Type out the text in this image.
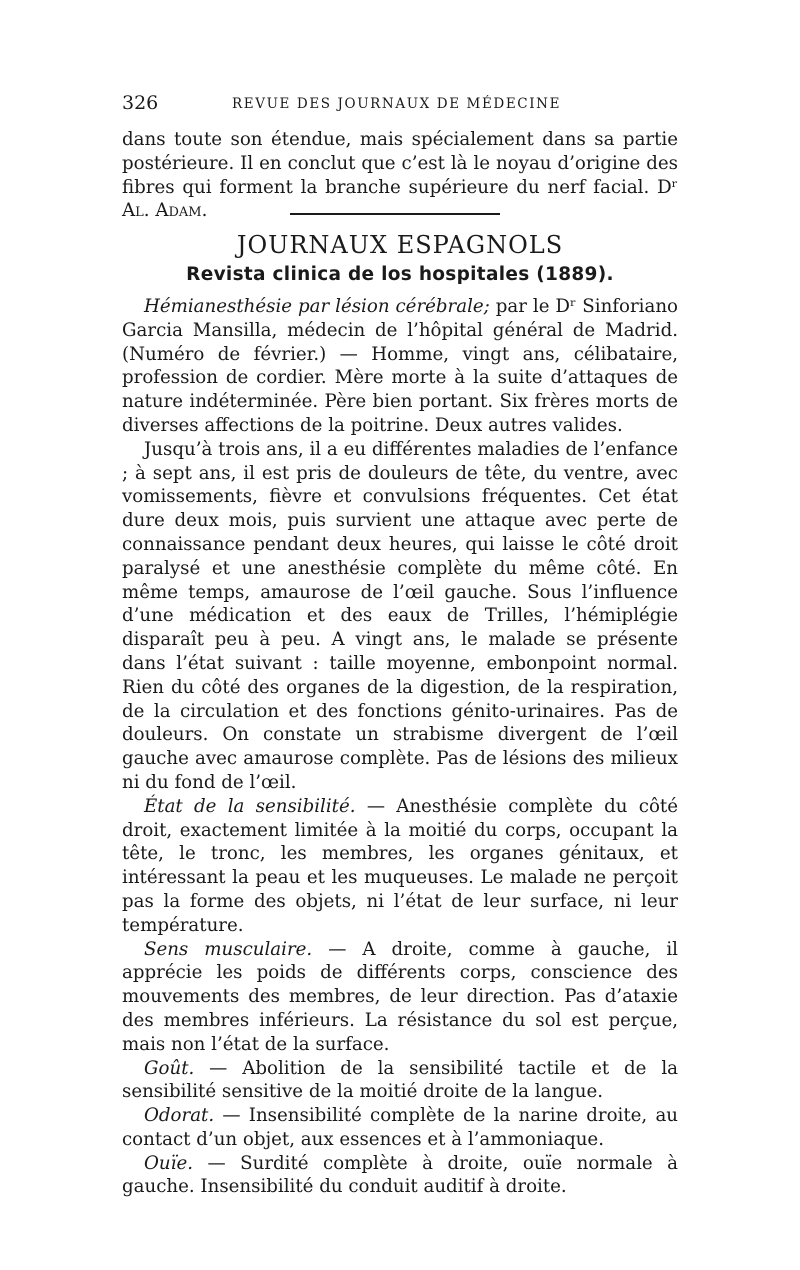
326	REVUE DES JOURNAUX DE MÉDECINE

dans toute son étendue, mais spécialement dans sa partie postérieure. Il en conclut que c’est là le noyau d’origine des fibres qui forment la branche supérieure du nerf facial. Dʳ Al. Adam.

JOURNAUX ESPAGNOLS
Revista clinica de los hospitales (1889).

Hémianesthésie par lésion cérébrale; par le Dʳ Sinforiano Garcia Mansilla, médecin de l’hôpital général de Madrid. (Numéro de février.) — Homme, vingt ans, célibataire, profession de cordier. Mère morte à la suite d’attaques de nature indéterminée. Père bien portant. Six frères morts de diverses affections de la poitrine. Deux autres valides.

Jusqu’à trois ans, il a eu différentes maladies de l’enfance ; à sept ans, il est pris de douleurs de tête, du ventre, avec vomissements, fièvre et convulsions fréquentes. Cet état dure deux mois, puis survient une attaque avec perte de connaissance pendant deux heures, qui laisse le côté droit paralysé et une anesthésie complète du même côté. En même temps, amaurose de l’œil gauche. Sous l’influence d’une médication et des eaux de Trilles, l’hémiplégie disparaît peu à peu. A vingt ans, le malade se présente dans l’état suivant : taille moyenne, embonpoint normal. Rien du côté des organes de la digestion, de la respiration, de la circulation et des fonctions génito-urinaires. Pas de douleurs. On constate un strabisme divergent de l’œil gauche avec amaurose complète. Pas de lésions des milieux ni du fond de l’œil.

État de la sensibilité. — Anesthésie complète du côté droit, exactement limitée à la moitié du corps, occupant la tête, le tronc, les membres, les organes génitaux, et intéressant la peau et les muqueuses. Le malade ne perçoit pas la forme des objets, ni l’état de leur surface, ni leur température.

Sens musculaire. — A droite, comme à gauche, il apprécie les poids de différents corps, conscience des mouvements des membres, de leur direction. Pas d’ataxie des membres inférieurs. La résistance du sol est perçue, mais non l’état de la surface.

Goût. — Abolition de la sensibilité tactile et de la sensibilité sensitive de la moitié droite de la langue.

Odorat. — Insensibilité complète de la narine droite, au contact d’un objet, aux essences et à l’ammoniaque.

Ouïe. — Surdité complète à droite, ouïe normale à gauche. Insensibilité du conduit auditif à droite.
